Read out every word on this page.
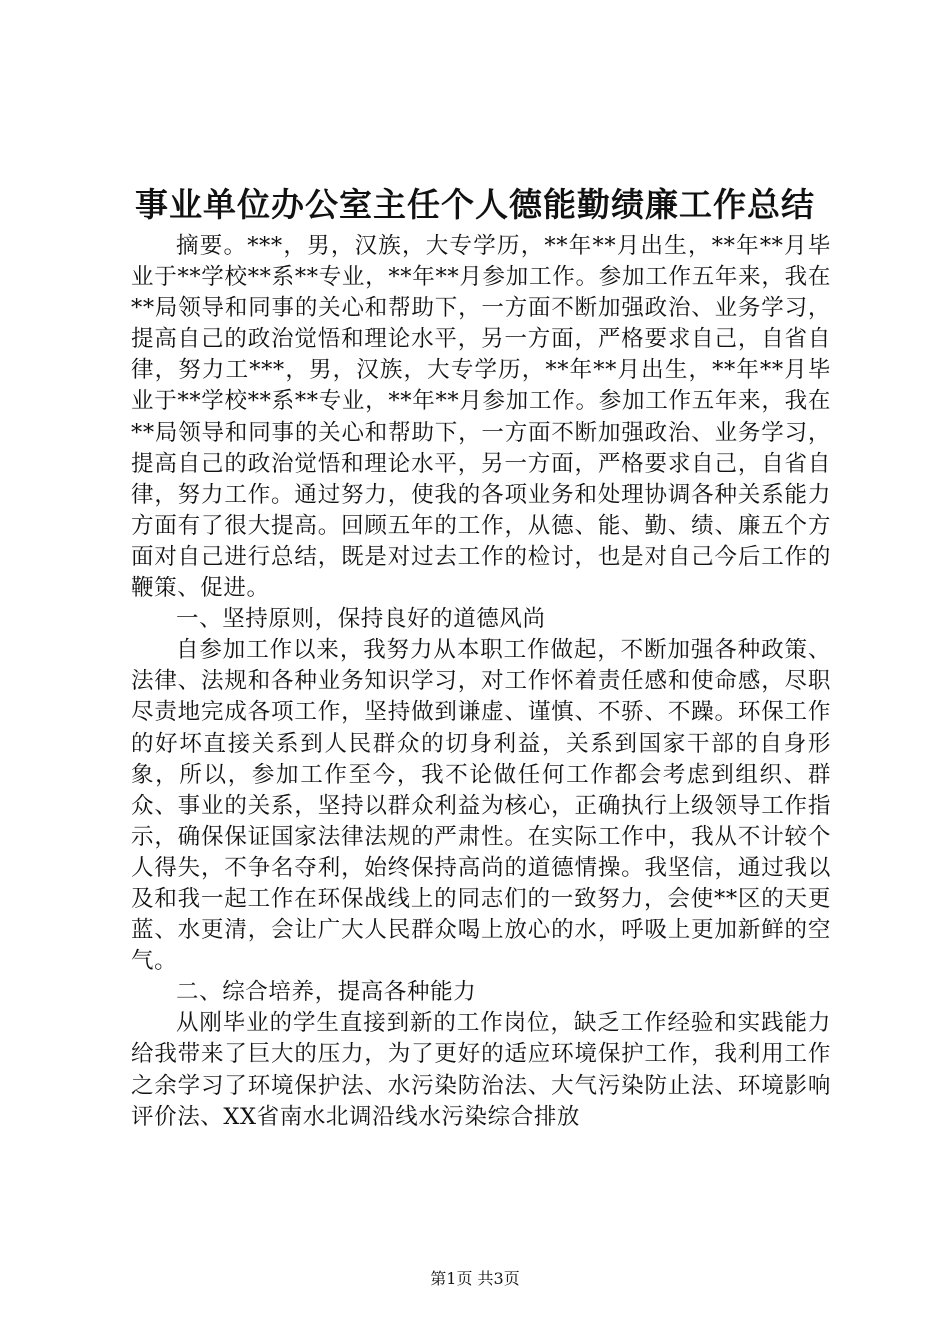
事业单位办公室主任个人德能勤绩廉工作总结

摘要。***，男，汉族，大专学历，**年**月出生，**年**月毕业于**学校**系**专业，**年**月参加工作。参加工作五年来，我在**局领导和同事的关心和帮助下，一方面不断加强政治、业务学习，提高自己的政治觉悟和理论水平，另一方面，严格要求自己，自省自律，努力工***，男，汉族，大专学历，**年**月出生，**年**月毕业于**学校**系**专业，**年**月参加工作。参加工作五年来，我在**局领导和同事的关心和帮助下，一方面不断加强政治、业务学习，提高自己的政治觉悟和理论水平，另一方面，严格要求自己，自省自律，努力工作。通过努力，使我的各项业务和处理协调各种关系能力方面有了很大提高。回顾五年的工作，从德、能、勤、绩、廉五个方面对自己进行总结，既是对过去工作的检讨，也是对自己今后工作的鞭策、促进。

一、坚持原则，保持良好的道德风尚

自参加工作以来，我努力从本职工作做起，不断加强各种政策、法律、法规和各种业务知识学习，对工作怀着责任感和使命感，尽职尽责地完成各项工作，坚持做到谦虚、谨慎、不骄、不躁。环保工作的好坏直接关系到人民群众的切身利益，关系到国家干部的自身形象，所以，参加工作至今，我不论做任何工作都会考虑到组织、群众、事业的关系，坚持以群众利益为核心，正确执行上级领导工作指示，确保保证国家法律法规的严肃性。在实际工作中，我从不计较个人得失，不争名夺利，始终保持高尚的道德情操。我坚信，通过我以及和我一起工作在环保战线上的同志们的一致努力，会使**区的天更蓝、水更清，会让广大人民群众喝上放心的水，呼吸上更加新鲜的空气。

二、综合培养，提高各种能力

从刚毕业的学生直接到新的工作岗位，缺乏工作经验和实践能力给我带来了巨大的压力，为了更好的适应环境保护工作，我利用工作之余学习了环境保护法、水污染防治法、大气污染防止法、环境影响评价法、XX省南水北调沿线水污染综合排放

第1页 共3页
